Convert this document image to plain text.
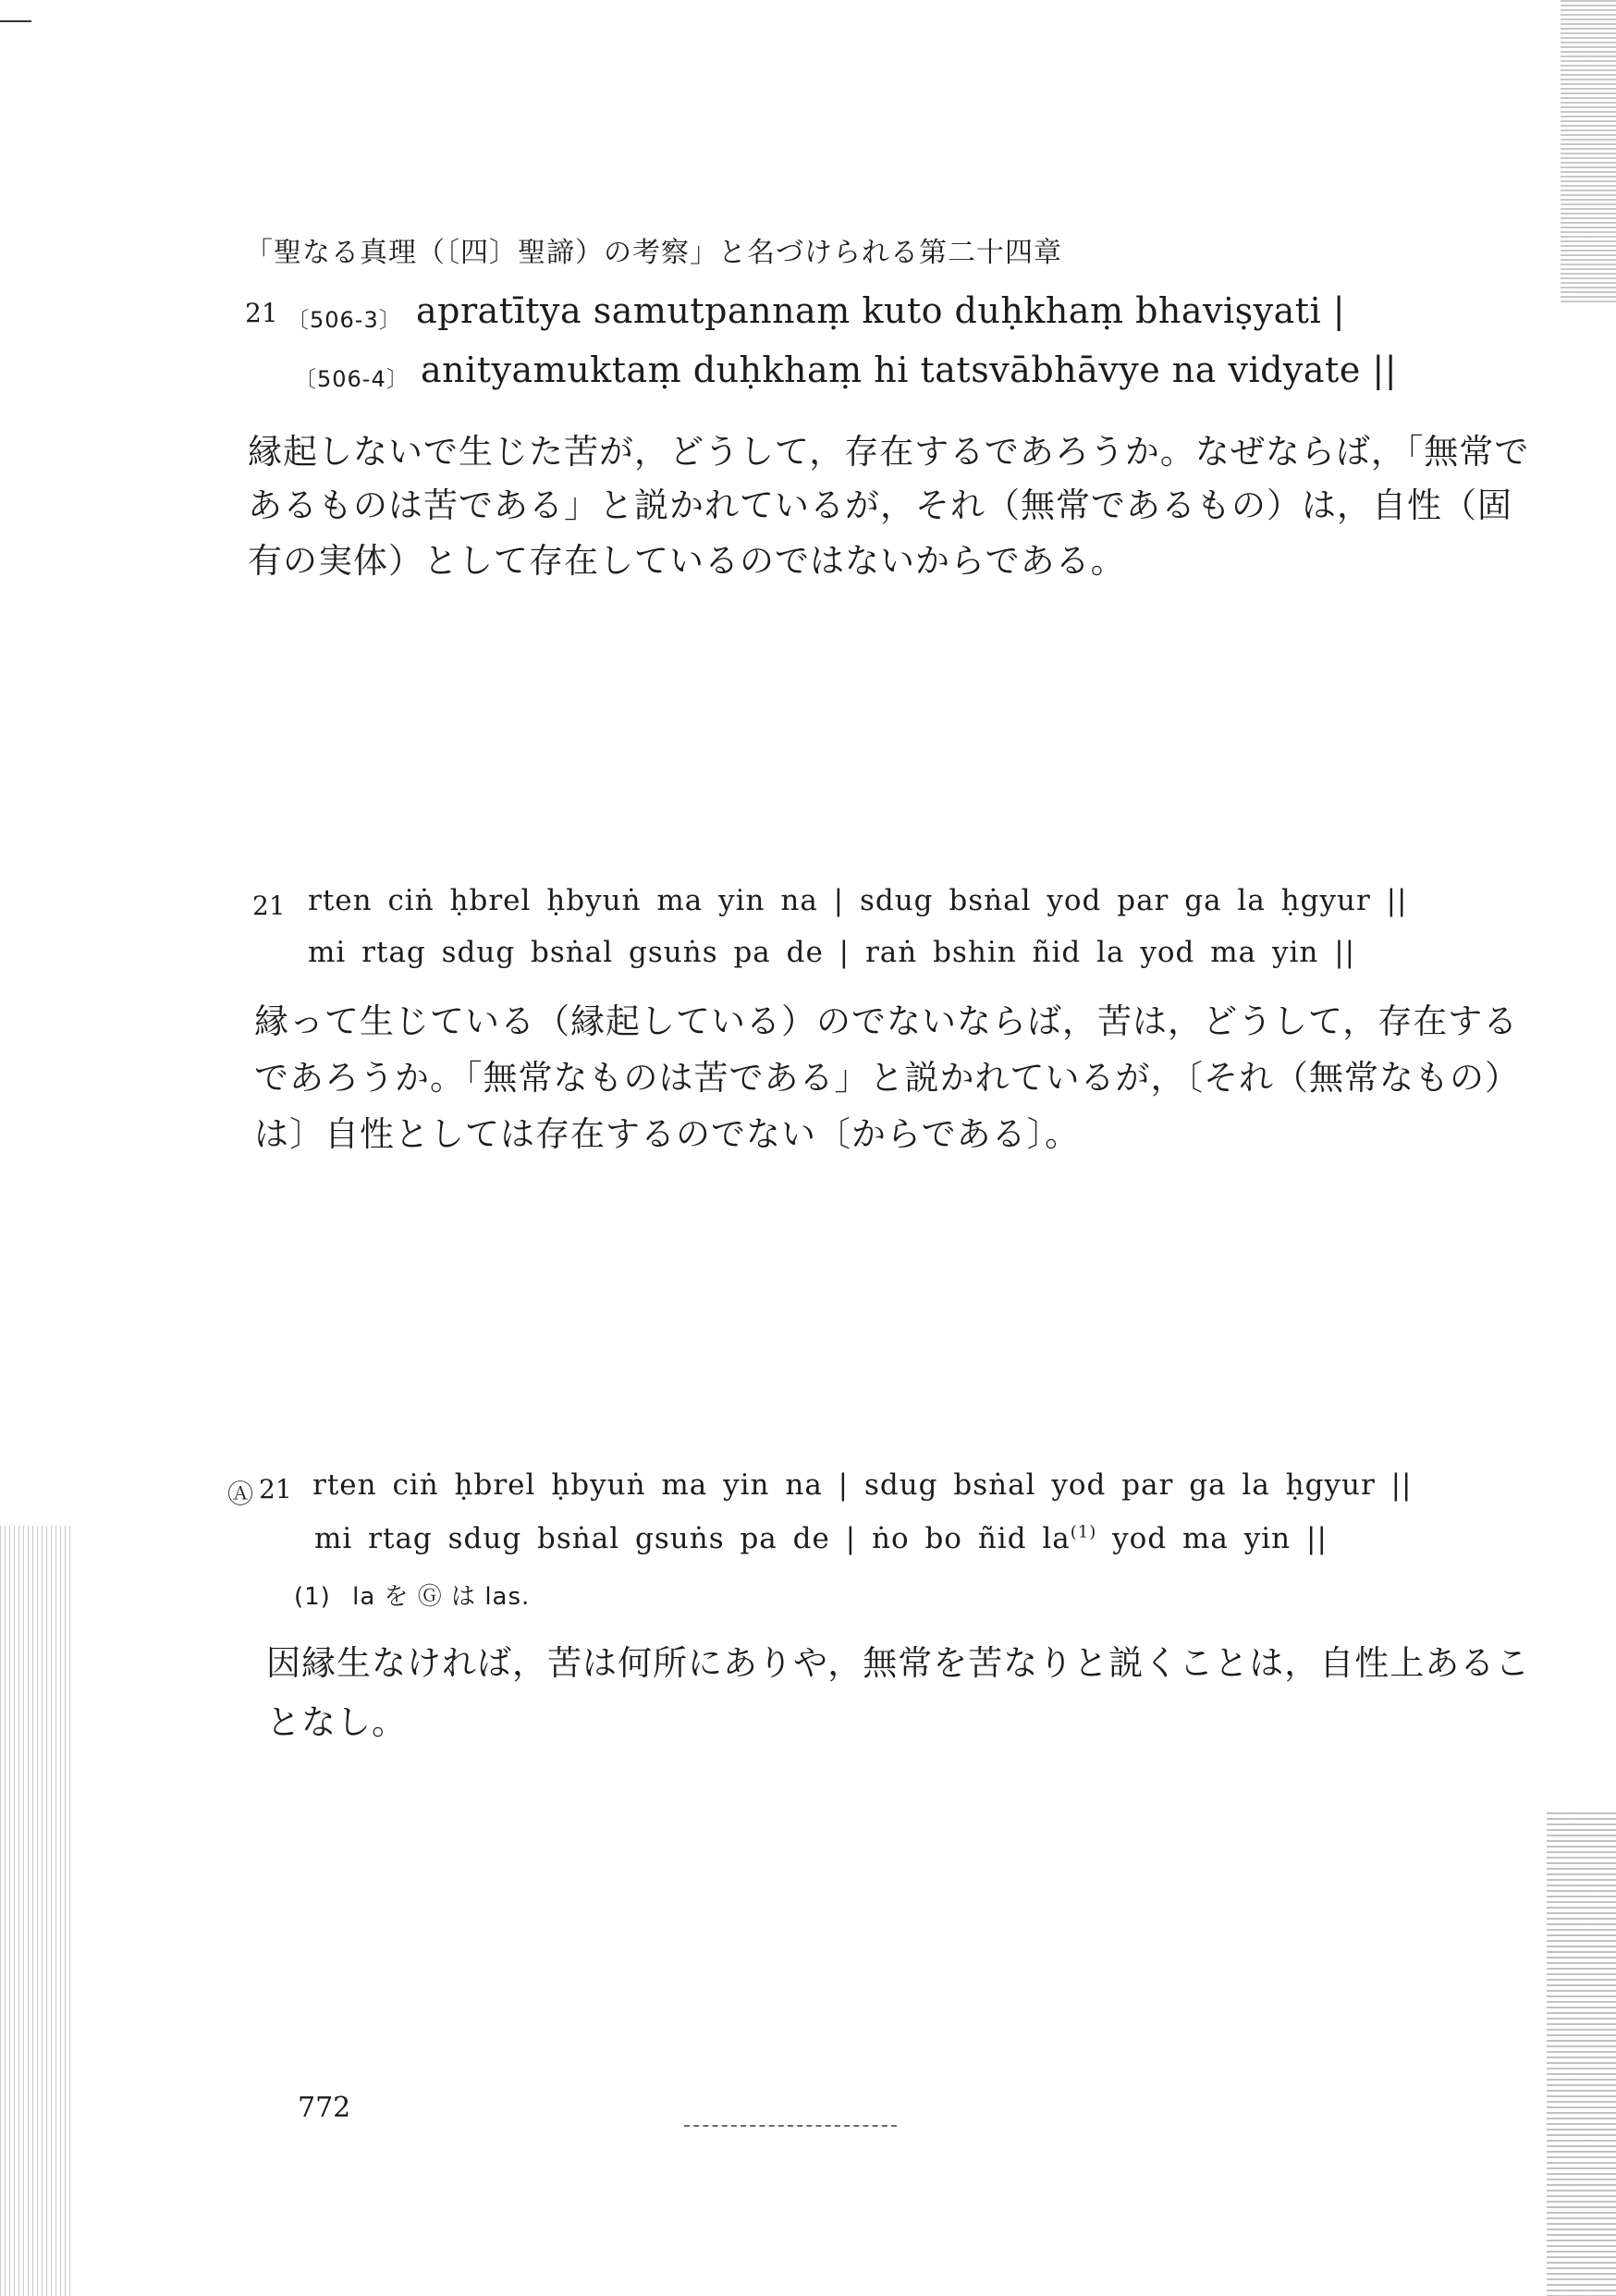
「聖なる真理（〔四〕聖諦）の考察」と名づけられる第二十四章
21 〔506-3〕 apratītya samutpannaṃ kuto duḥkhaṃ bhaviṣyati |
〔506-4〕 anityamuktaṃ duḥkhaṃ hi tatsvābhāvye na vidyate ||
縁起しないで生じた苦が，どうして，存在するであろうか。なぜならば，「無常で
あるものは苦である」と説かれているが，それ（無常であるもの）は，自性（固
有の実体）として存在しているのではないからである。
21 rten ciṅ ḥbrel ḥbyuṅ ma yin na | sdug bsṅal yod par ga la ḥgyur ||
mi rtag sdug bsṅal gsuṅs pa de | raṅ bshin ñid la yod ma yin ||
縁って生じている（縁起している）のでないならば，苦は，どうして，存在する
であろうか。「無常なものは苦である」と説かれているが，〔それ（無常なもの）
は〕自性としては存在するのでない〔からである〕。
Ⓐ 21 rten ciṅ ḥbrel ḥbyuṅ ma yin na | sdug bsṅal yod par ga la ḥgyur ||
mi rtag sdug bsṅal gsuṅs pa de | ṅo bo ñid $la^{(1)}$ yod ma yin ||
(1) la を Ⓖ は las.
因縁生なければ，苦は何所にありや，無常を苦なりと説くことは，自性上あるこ
となし。
772
